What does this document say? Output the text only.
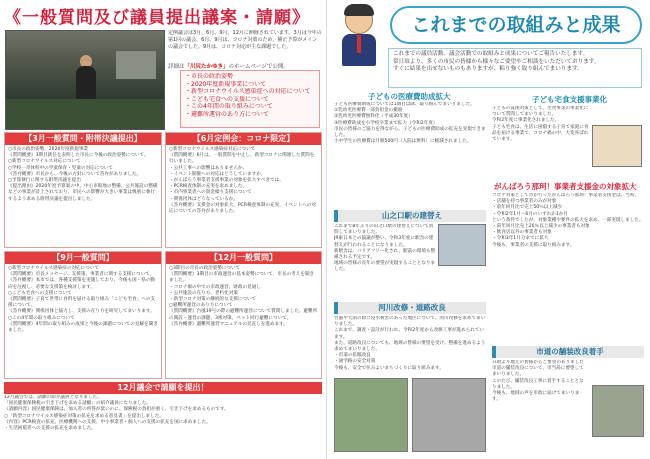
《一般質問及び議員提出議案・請願》
定例議会は3月、6月、9月、12月に開催されています。3月は今年の第1回の議会、6月、9月は、コロナ対策のため、補正予算がメインの議会でした。9月は、コロナ対応が主な課題でした。
詳細は「川尻たかゆき」のホームページで公開。
・市長の政治姿勢
・2020年度新規事業について
・新型コロナウイルス感染症への対応について
・こども宅食への支援について
・この4年間の取り組みについて
・避難所運営のあり方について
【3月一般質問・附帯決議提出】
○市長の政治姿勢、2020年度新規事業
《質問概要》3期目就任を表明した市長に今後の政治姿勢について。
○新型コロナウイルス対応について
○学校一斉休校中の学童保育・児童の対応について
《答弁概要》市長から、今後の方針について答弁がありました。
○予算執行に関する附帯決議を提出
《提出理由》2020年度予算案の中、中心市街地の整備、公共施設の整備などの事業が計上されており、市民への影響が大きい事業は慎重に執行するよう求める附帯決議を提出しました。
【6月定例会：コロナ限定】
○新型コロナウイルス感染症対応について
《質問概要》6月は、一般質問を中止し、新型コロナに関連した質問を行いました。
・公共工事への影響はありませんか。
・イベント開催への対応はどうしていますか。
・がんばろう事業者支援事業の対象を拡大すべきでは。
・PCR検査体制の充実を求めました。
・市内事業者への資金繰り支援について
・関係団体はどうなっているか。
《答弁概要》支援金の対象拡大、PCR検査体制の充実、イベントへの対応についての答弁がありました。
【9月一般質問】
○新型コロナウイルス感染症の対応について
《質問概要》市長メッセージ、支援策、事業者に関する支援について。
《答弁概要》本市では、各種支援策を実施しており、今後も国・県の動向を注視し、必要な支援策を検討します。
○こども宅食への支援について
《質問概要》子育て世帯に食料を届ける取り組み「こども宅食」への支援について。
《答弁概要》関係団体と協力し、支援の在り方を研究してまいります。
○この4年間の取り組みについて
《質問概要》4年間の取り組みの成果と今後の課題についての見解を聞きました。
【12月一般質問】
○3期目の市長の政治姿勢について
《質問概要》3期目の市政運営の基本姿勢について、市長の考えを聞きました。
・コロナ禍の中での市政運営、財政の見通し
・公共施設の在り方、老朽化対策
・新型コロナ対策の継続的な支援について
○避難所運営のあり方について
《質問概要》台風19号の際の避難所運営について質問しました。避難所の開設・運営の課題、3密対策、ペット同行避難について。
《答弁概要》避難所運営マニュアルの見直しを進めます。
12月議会で請願を提出！
12月議会では、請願の紹介議員となりました。
「国民健康保険税の引き下げを求める請願」の紹介議員になりました。
《請願内容》国民健康保険は、加入者の所得が低いのに、保険税の負担が重く、引き下げを求めるものです。
○「新型コロナウイルス感染症対策の拡充を求める意見書」を提出しました。
《内容》PCR検査の拡充、医療機関への支援、中小事業者・個人への支援の拡充を国に求めました。
・生活困窮者への支援の拡充を求めました。
これまでの取組みと成果
これまでの議員活動、議会活動での取組みと成果についてご報告いたします。
常日頃より、多くの市民の皆様から様々なご要望やご相談をいただいております。
すぐに結果を出せないものもありますが、粘り強く取り組んでまいります。
子どもの医療費助成拡大
子ども医療費助成については1期目以降、取り組んでまいりました。
①乳幼児医療費一部負担金の撤廃
②乳幼児医療費無料化（平成30年度）
③医療費助成を小学校卒業まで拡大（令和2年度）
市民の皆様のご協力を得ながら、子どもの医療費助成の拡充を実現できました。
小中学生の医療費は月額500円（入院は無料）に軽減されました。
子ども宅食支援事業化
子どもの貧困対策として、宅食事業の事業化について質問してまいりました。
令和2年度に事業化されました。
子ども宅食は、生活に困窮する子育て家庭に食品を届ける事業で、コロナ禍の中、大変喜ばれています。
がんばろう那珂！事業者支援金の対象拡大
コロナ対策として市が行ったがんばろう那珂！事業者支援金は、当初、
・店舗を持つ事業者のみが対象
・前年同月比で売上50％以上減少
・令和2年1月～6月のいずれか1か月
という条件でしたが、対象業種や要件の拡大を求め、一部実現しました。
・前年同月比売上20％以上減少の事業者も対象
・飲食店以外の事業者も対象
・令和3年1月分までに拡大
今後も、事業者の支援に取り組みます。
山之口駅の建替え
これまで8年ぶりの山之口駅の建替えについて質問してまいりました。
JR東日本との協議が整い、令和3年度に駅舎の建替えが行われることになりました。
新駅舎は、バリアフリー化され、駅前の環境も整備される予定です。
地域の皆様の長年の要望が実現することとなりました。
河川改修・道路改良
台風や大雨の際に浸水被害のあった地区について、河川改修を求めてまいりました。
これまで、調査・設計が行われ、令和2年度から改修工事が進められています。
また、道路改良についても、地域の皆様の要望を受け、整備を進めるよう求めてまいりました。
・市道の拡幅改良
・通学路の安全対策
今後も、安全で住みよいまちづくりに取り組みます。
市道の舗装改良着手
日頃より地元の皆様からご要望のありました市道の舗装改良について、市当局に要望してまいりました。
このたび、舗装改良工事に着手することとなりました。
今後も、地域の声を市政に届けてまいります。
